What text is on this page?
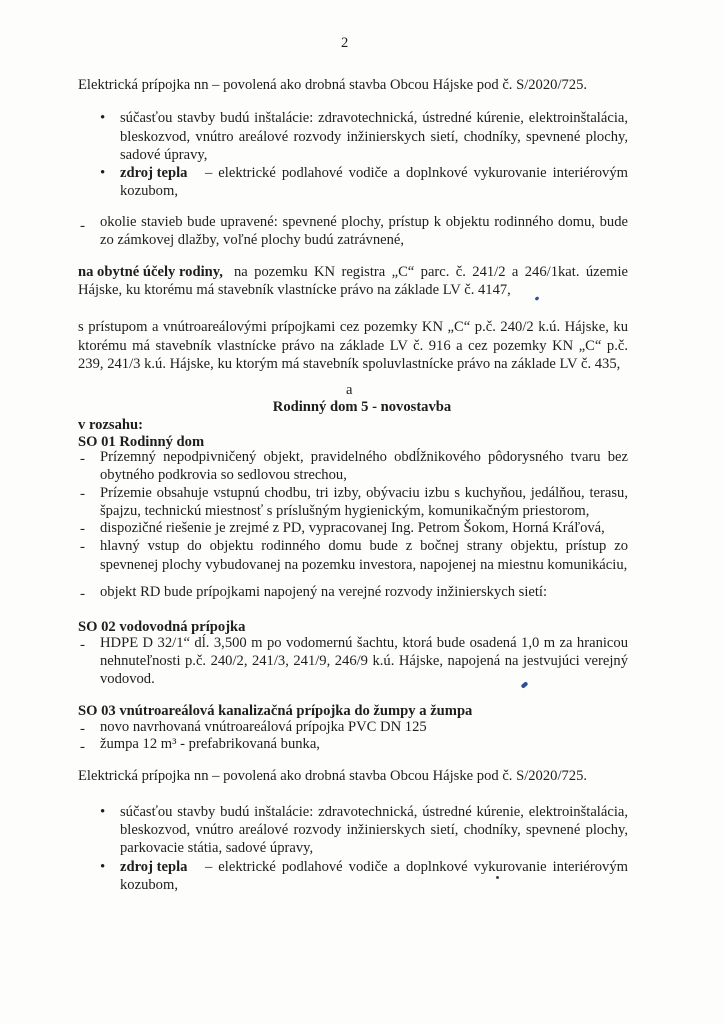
2
Elektrická prípojka nn – povolená ako drobná stavba Obcou Hájske pod č. S/2020/725.
• súčasťou stavby budú inštalácie: zdravotechnická, ústredné kúrenie, elektroinštalácia,
bleskozvod, vnútro areálové rozvody inžinierskych sietí, chodníky, spevnené plochy,
sadové úpravy,
• zdroj tepla – elektrické podlahové vodiče a doplnkové vykurovanie interiérovým
kozubom,
- okolie stavieb bude upravené: spevnené plochy, prístup k objektu rodinného domu, bude
zo zámkovej dlažby, voľné plochy budú zatrávnené,
na obytné účely rodiny, na pozemku KN registra „C“ parc. č. 241/2 a 246/1kat. územie
Hájske, ku ktorému má stavebník vlastnícke právo na základe LV č. 4147,
s prístupom a vnútroareálovými prípojkami cez pozemky KN „C“ p.č. 240/2 k.ú. Hájske, ku
ktorému má stavebník vlastnícke právo na základe LV č. 916 a cez pozemky KN „C“ p.č.
239, 241/3 k.ú. Hájske, ku ktorým má stavebník spoluvlastnícke právo na základe LV č. 435,
a
Rodinný dom 5 - novostavba
v rozsahu:
SO 01 Rodinný dom
- Prízemný nepodpivničený objekt, pravidelného obdĺžnikového pôdorysného tvaru bez
obytného podkrovia so sedlovou strechou,
- Prízemie obsahuje vstupnú chodbu, tri izby, obývaciu izbu s kuchyňou, jedálňou, terasu,
špajzu, technickú miestnosť s príslušným hygienickým, komunikačným priestorom,
- dispozičné riešenie je zrejmé z PD, vypracovanej Ing. Petrom Šokom, Horná Kráľová,
- hlavný vstup do objektu rodinného domu bude z bočnej strany objektu, prístup zo
spevnenej plochy vybudovanej na pozemku investora, napojenej na miestnu komunikáciu,
- objekt RD bude prípojkami napojený na verejné rozvody inžinierskych sietí:
SO 02 vodovodná prípojka
- HDPE D 32/1“ dĺ. 3,500 m po vodomernú šachtu, ktorá bude osadená 1,0 m za hranicou
nehnuteľnosti p.č. 240/2, 241/3, 241/9, 246/9 k.ú. Hájske, napojená na jestvujúci verejný
vodovod.
SO 03 vnútroareálová kanalizačná prípojka do žumpy a žumpa
- novo navrhovaná vnútroareálová prípojka PVC DN 125
- žumpa 12 m³ - prefabrikovaná bunka,
Elektrická prípojka nn – povolená ako drobná stavba Obcou Hájske pod č. S/2020/725.
• súčasťou stavby budú inštalácie: zdravotechnická, ústredné kúrenie, elektroinštalácia,
bleskozvod, vnútro areálové rozvody inžinierskych sietí, chodníky, spevnené plochy,
parkovacie státia, sadové úpravy,
• zdroj tepla – elektrické podlahové vodiče a doplnkové vykurovanie interiérovým
kozubom,
